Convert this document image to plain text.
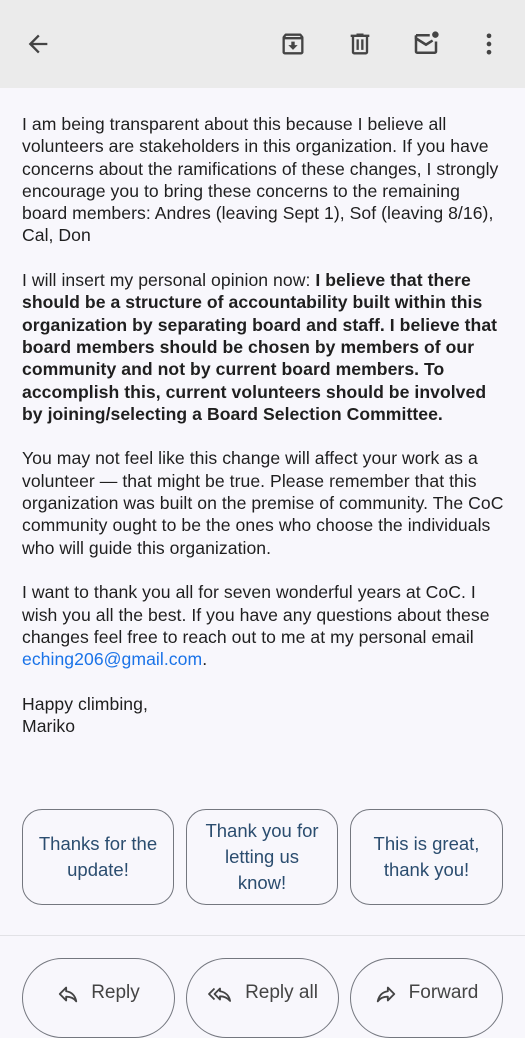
I am being transparent about this because I believe all volunteers are stakeholders in this organization. If you have concerns about the ramifications of these changes, I strongly encourage you to bring these concerns to the remaining board members: Andres (leaving Sept 1), Sof (leaving 8/16), Cal, Don

I will insert my personal opinion now: I believe that there should be a structure of accountability built within this organization by separating board and staff. I believe that board members should be chosen by members of our community and not by current board members. To accomplish this, current volunteers should be involved by joining/selecting a Board Selection Committee.

You may not feel like this change will affect your work as a volunteer — that might be true. Please remember that this organization was built on the premise of community. The CoC community ought to be the ones who choose the individuals who will guide this organization.

I want to thank you all for seven wonderful years at CoC. I wish you all the best. If you have any questions about these changes feel free to reach out to me at my personal email eching206@gmail.com.

Happy climbing,
Mariko

Thanks for the
update!
Thank you for
letting us
know!
This is great,
thank you!
Reply	Reply all	Forward
